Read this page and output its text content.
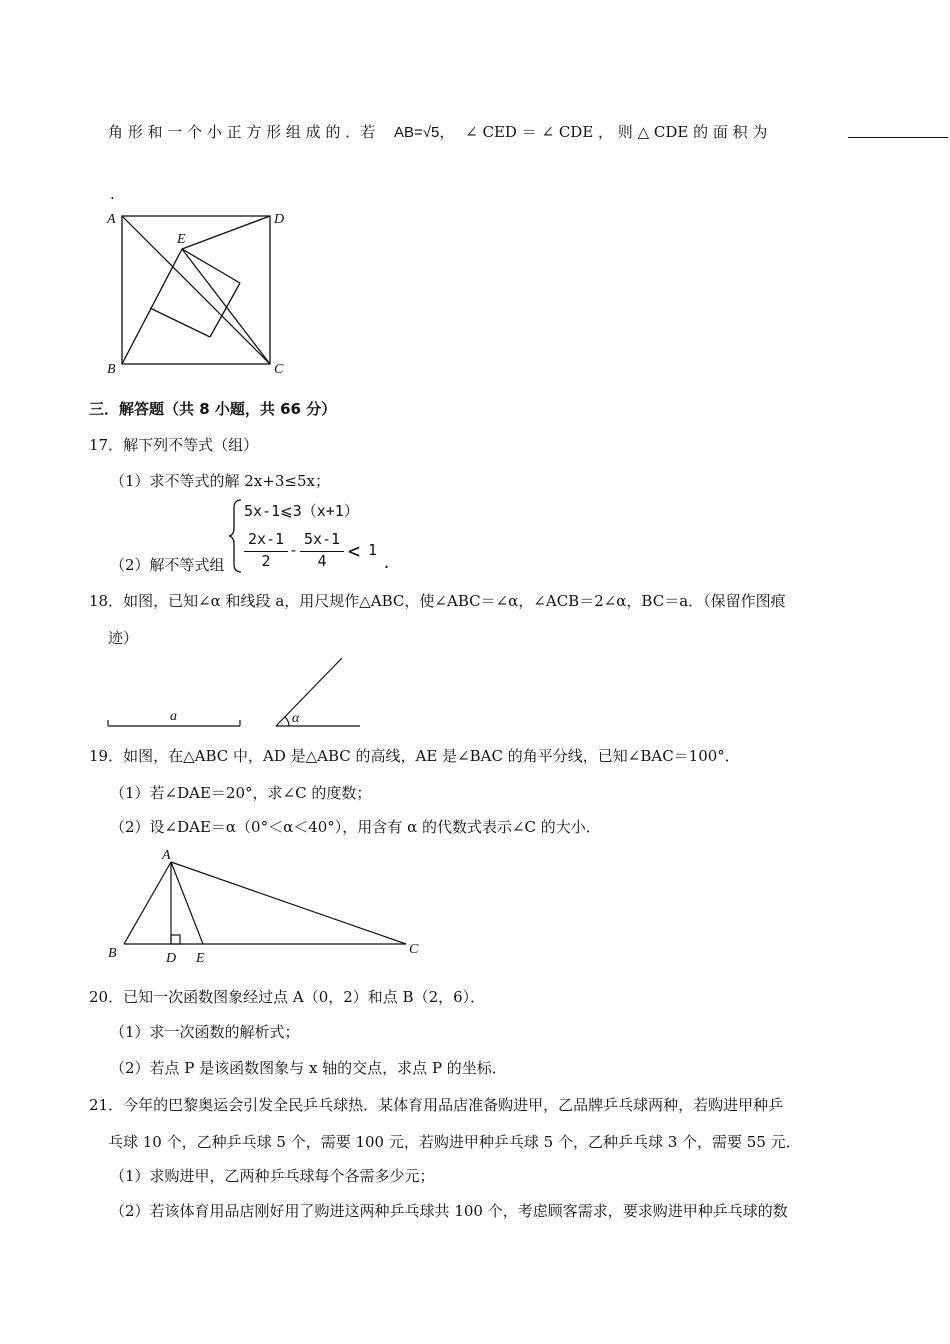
角 形 和 一 个 小 正 方 形 组 成 的 ．若 AB=√5， ∠ CED ＝ ∠ CDE ， 则 △ CDE 的 面 积 为
.
A	D
E
B	C
三．解答题（共 8 小题，共 66 分）
17．解下列不等式（组）
（1）求不等式的解 2x+3≤5x；
（2）解不等式组
5x-1⩽3（x+1）
2x-1
2
-
5x-1
4	< 1
.
18．如图，已知∠α 和线段 a，用尺规作△ABC，使∠ABC＝∠α，∠ACB＝2∠α，BC＝a．（保留作图痕
迹）
a	α
19．如图，在△ABC 中，AD 是△ABC 的高线，AE 是∠BAC 的角平分线，已知∠BAC＝100°．
（1）若∠DAE＝20°，求∠C 的度数；
（2）设∠DAE＝α（0°＜α＜40°），用含有 α 的代数式表示∠C 的大小．
A
B	C
D E
20．已知一次函数图象经过点 A（0，2）和点 B（2，6）．
（1）求一次函数的解析式；
（2）若点 P 是该函数图象与 x 轴的交点，求点 P 的坐标．
21．今年的巴黎奥运会引发全民乒乓球热．某体育用品店准备购进甲，乙品牌乒乓球两种，若购进甲种乒
乓球 10 个，乙种乒乓球 5 个，需要 100 元，若购进甲种乒乓球 5 个，乙种乒乓球 3 个，需要 55 元．
（1）求购进甲，乙两种乒乓球每个各需多少元；
（2）若该体育用品店刚好用了购进这两种乒乓球共 100 个，考虑顾客需求，要求购进甲种乒乓球的数
